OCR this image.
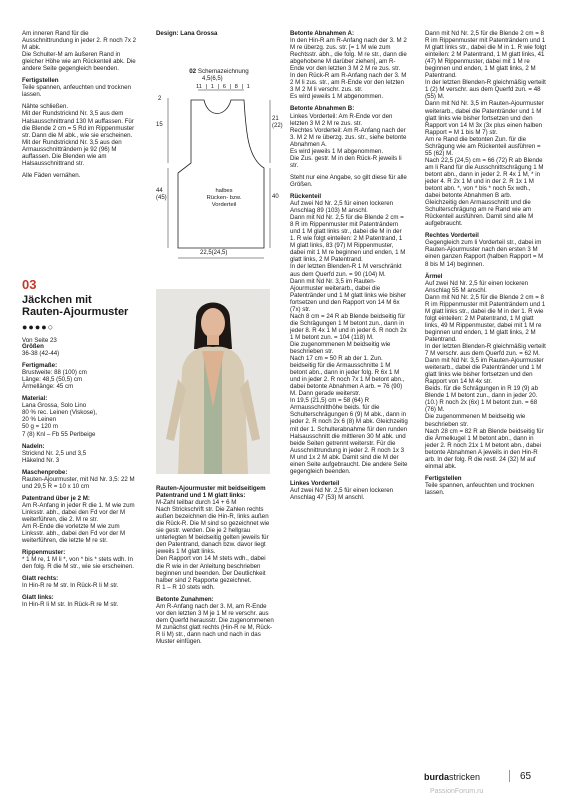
Am inneren Rand für die Ausschnittrundung in jeder 2. R noch 7x 2 M abk.
Die Schulter-M am äußeren Rand in gleicher Höhe wie am Rückenteil abk. Die andere Seite gegengleich beenden.

Fertigstellen
Teile spannen, anfeuchten und trocknen lassen.

Nähte schließen.
Mit der Rundstricknd Nr. 3,5 aus dem Halsausschnittrand 130 M auffassen. Für die Blende 2 cm = 5 Rd im Rippenmuster str. Dann die M abk., wie sie erscheinen.
Mit der Rundstricknd Nr. 3,5 aus den Armausschnitträndern je 92 (96) M auffassen. Die Blenden wie am Halsausschnittrand str.

Alle Fäden vernähen.

03
Jäckchen mit
Rauten-Ajourmuster
●●●●○
Von Seite 23

Größen
36-38 (42-44)

Fertigmaße:
Brustweite: 88 (100) cm
Länge: 48,5 (50,5) cm
Ärmellänge: 45 cm

Material:
Lana Grossa, Solo Lino
80 % rec. Leinen (Viskose),
20 % Leinen
50 g = 120 m
7 (8) Knl – Fb 55 Perlbeige

Nadeln:
Stricknd Nr. 2,5 und 3,5
Häkelnd Nr. 3

Maschenprobe:
Rauten-Ajourmuster, mit Nd Nr. 3,5: 22 M und 29,5 R = 10 x 10 cm

Patentrand über je 2 M:
Am R-Anfang in jeder R die 1. M wie zum Linksstr. abh., dabei den Fd vor der M weiterführen, die 2. M re str.
Am R-Ende die vorletzte M wie zum Linksstr. abh., dabei den Fd vor der M weiterführen, die letzte M re str.

Rippenmuster:
* 1 M re, 1 M li *, von * bis * stets wdh. In den folg. R die M str., wie sie erscheinen.

Glatt rechts:
In Hin-R re M str. In Rück-R li M str.

Glatt links:
In Hin-R li M str. In Rück-R re M str.

Design: Lana Grossa

02 Schemazeichnung
4,5(6,5)
11 | 1 | 6 | 8 | 1
2
15
21
(22)
44
(45)	40
halbes
Rücken- bzw.
Vorderteil
22,5(24,5)

Rauten-Ajourmuster mit beidseitigem Patentrand und 1 M glatt links:
M-Zahl teilbar durch 14 + 6 M
Nach Strickschrift str. Die Zahlen rechts außen bezeichnen die Hin-R, links außen die Rück-R. Die M sind so gezeichnet wie sie gestr. werden. Die je 2 hellgrau unterlegten M beidseitig gelten jeweils für den Patentrand, danach bzw. davor liegt jeweils 1 M glatt links.
Den Rapport von 14 M stets wdh., dabei die R wie in der Anleitung beschrieben beginnen und beenden. Der Deutlichkeit halber sind 2 Rapporte gezeichnet.
R 1 – R 10 stets wdh.

Betonte Zunahmen:
Am R-Anfang nach der 3. M, am R-Ende vor den letzten 3 M je 1 M re verschr. aus dem Querfd herausstr. Die zugenommenen M zunächst glatt rechts (Hin-R re M, Rück-R li M) str., dann nach und nach in das Muster einfügen.

Betonte Abnahmen A:
In den Hin-R am R-Anfang nach der 3. M 2 M re überzg. zus. str. [= 1 M wie zum Rechtsstr. abh., die folg. M re str., dann die abgehobene M darüber ziehen], am R-Ende vor den letzten 3 M 2 M re zus. str.
In den Rück-R am R-Anfang nach der 3. M 2 M li zus. str., am R-Ende vor den letzten 3 M 2 M li verschr. zus. str.
Es wird jeweils 1 M abgenommen.

Betonte Abnahmen B:
Linkes Vorderteil: Am R-Ende vor den letzten 3 M 2 M re zus. str.
Rechtes Vorderteil: Am R-Anfang nach der 3. M 2 M re überzg. zus. str., siehe betonte Abnahmen A.
Es wird jeweils 1 M abgenommen.
Die Zus. gestr. M in den Rück-R jeweils li str.

Steht nur eine Angabe, so gilt diese für alle Größen.

Rückenteil
Auf zwei Nd Nr. 2,5 für einen lockeren Anschlag 89 (103) M anschl.
Dann mit Nd Nr. 2,5 für die Blende 2 cm = 8 R im Rippenmuster mit Patenträndern und 1 M glatt links str., dabei die M in der 1. R wie folgt einteilen: 2 M Patentrand, 1 M glatt links, 83 (97) M Rippenmuster, dabei mit 1 M re beginnen und enden, 1 M glatt links, 2 M Patentrand.
In der letzten Blenden-R 1 M verschränkt aus dem Querfd zun. = 90 (104) M.
Dann mit Nd Nr. 3,5 im Rauten-Ajourmuster weiterarb., dabei die Patentränder und 1 M glatt links wie bisher fortsetzen und den Rapport von 14 M 6x (7x) str.
Nach 8 cm = 24 R ab Blende beidseitig für die Schrägungen 1 M betont zun., dann in jeder 8. R 4x 1 M und in jeder 6. R noch 2x 1 M betont zun. = 104 (118) M.
Die zugenommenen M beidseitig wie beschrieben str.
Nach 17 cm = 50 R ab der 1. Zun. beidseitig für die Armausschnitte 1 M betont abn., dann in jeder folg. R 6x 1 M und in jeder 2. R noch 7x 1 M betont abn., dabei betonte Abnahmen A arb. = 76 (90) M. Dann gerade weiterstr.
In 19,5 (21,5) cm = 58 (64) R Armausschnitthöhe beids. für die Schulterschrägungen 6 (9) M abk., dann in jeder 2. R noch 2x 6 (8) M abk. Gleichzeitig mit der 1. Schulterabnahme für den runden Halsausschnitt die mittleren 30 M abk. und beide Seiten getrennt weiterstr. Für die Ausschnittrundung in jeder 2. R noch 1x 3 M und 1x 2 M abk. Damit sind die M der einen Seite aufgebraucht. Die andere Seite gegengleich beenden.

Linkes Vorderteil
Auf zwei Nd Nr. 2,5 für einen lockeren Anschlag 47 (53) M anschl.

Dann mit Nd Nr. 2,5 für die Blende 2 cm = 8 R im Rippenmuster mit Patenträndern und 1 M glatt links str., dabei die M in 1. R wie folgt einteilen: 2 M Patentrand, 1 M glatt links, 41 (47) M Rippenmuster, dabei mit 1 M re beginnen und enden, 1 M glatt links, 2 M Patentrand.
In der letzten Blenden-R gleichmäßig verteilt 1 (2) M verschr. aus dem Querfd zun. = 48 (55) M.
Dann mit Nd Nr. 3,5 im Rauten-Ajourmuster weiterarb., dabei die Patentränder und 1 M glatt links wie bisher fortsetzen und den Rapport von 14 M 3x (3x plus einen halben Rapport = M 1 bis M 7) str.
Am re Rand die betonten Zun. für die Schrägung wie am Rückenteil ausführen = 55 (62) M.
Nach 22,5 (24,5) cm = 66 (72) R ab Blende am li Rand für die Ausschnittschrägung 1 M betont abn., dann in jeder 2. R 4x 1 M, * in jeder 4. R 2x 1 M und in der 2. R 1x 1 M betont abn. *, von * bis * noch 5x wdh., dabei betonte Abnahmen B arb.
Gleichzeitig den Armausschnitt und die Schulterschrägung am re Rand wie am Rückenteil ausführen. Damit sind alle M aufgebraucht.

Rechtes Vorderteil
Gegengleich zum li Vorderteil str., dabei im Rauten-Ajourmuster nach den ersten 3 M einen ganzen Rapport (halben Rapport = M 8 bis M 14) beginnen.

Ärmel
Auf zwei Nd Nr. 2,5 für einen lockeren Anschlag 55 M anschl.
Dann mit Nd Nr. 2,5 für die Blende 2 cm = 8 R im Rippenmuster mit Patenträndern und 1 M glatt links str., dabei die M in der 1. R wie folgt einteilen: 2 M Patentrand, 1 M glatt links, 49 M Rippenmuster, dabei mit 1 M re beginnen und enden, 1 M glatt links, 2 M Patentrand.
In der letzten Blenden-R gleichmäßig verteilt 7 M verschr. aus dem Querfd zun. = 62 M.
Dann mit Nd Nr. 3,5 im Rauten-Ajourmuster weiterarb., dabei die Patentränder und 1 M glatt links wie bisher fortsetzen und den Rapport von 14 M 4x str.
Beids. für die Schrägungen in R 19 (9) ab Blende 1 M betont zun., dann in jeder 20. (10.) R noch 2x (6x) 1 M betont zun. = 68 (76) M.
Die zugenommenen M beidseitig wie beschrieben str.
Nach 28 cm = 82 R ab Blende beidseitig für die Ärmelkugel 1 M betont abn., dann in jeder 2. R noch 21x 1 M betont abn., dabei betonte Abnahmen A jeweils in den Hin-R arb. In der folg. R die restl. 24 (32) M auf einmal abk.

Fertigstellen
Teile spannen, anfeuchten und trocknen lassen.

burdastricken	65
PassionForum.ru
